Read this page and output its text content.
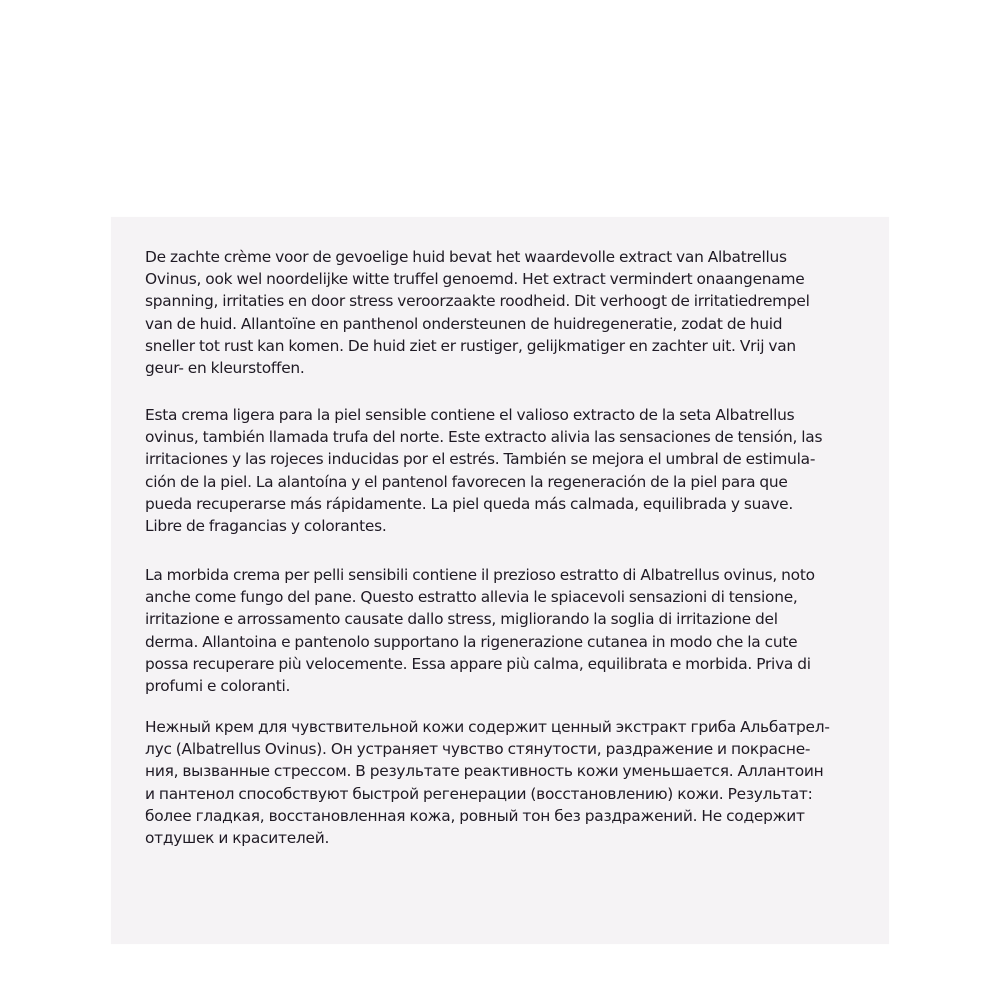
De zachte crème voor de gevoelige huid bevat het waardevolle extract van Albatrellus
Ovinus, ook wel noordelijke witte truffel genoemd. Het extract vermindert onaangename
spanning, irritaties en door stress veroorzaakte roodheid. Dit verhoogt de irritatiedrempel
van de huid. Allantoïne en panthenol ondersteunen de huidregeneratie, zodat de huid
sneller tot rust kan komen. De huid ziet er rustiger, gelijkmatiger en zachter uit. Vrij van
geur- en kleurstoffen.

Esta crema ligera para la piel sensible contiene el valioso extracto de la seta Albatrellus
ovinus, también llamada trufa del norte. Este extracto alivia las sensaciones de tensión, las
irritaciones y las rojeces inducidas por el estrés. También se mejora el umbral de estimula-
ción de la piel. La alantoína y el pantenol favorecen la regeneración de la piel para que
pueda recuperarse más rápidamente. La piel queda más calmada, equilibrada y suave.
Libre de fragancias y colorantes.

La morbida crema per pelli sensibili contiene il prezioso estratto di Albatrellus ovinus, noto
anche come fungo del pane. Questo estratto allevia le spiacevoli sensazioni di tensione,
irritazione e arrossamento causate dallo stress, migliorando la soglia di irritazione del
derma. Allantoina e pantenolo supportano la rigenerazione cutanea in modo che la cute
possa recuperare più velocemente. Essa appare più calma, equilibrata e morbida. Priva di
profumi e coloranti.

Нежный крем для чувствительной кожи содержит ценный экстракт гриба Альбатрел-
лус (Albatrellus Ovinus). Он устраняет чувство стянутости, раздражение и покрасне-
ния, вызванные стрессом. В результате реактивность кожи уменьшается. Аллантоин
и пантенол способствуют быстрой регенерации (восстановлению) кожи. Результат:
более гладкая, восстановленная кожа, ровный тон без раздражений. Не содержит
отдушек и красителей.
